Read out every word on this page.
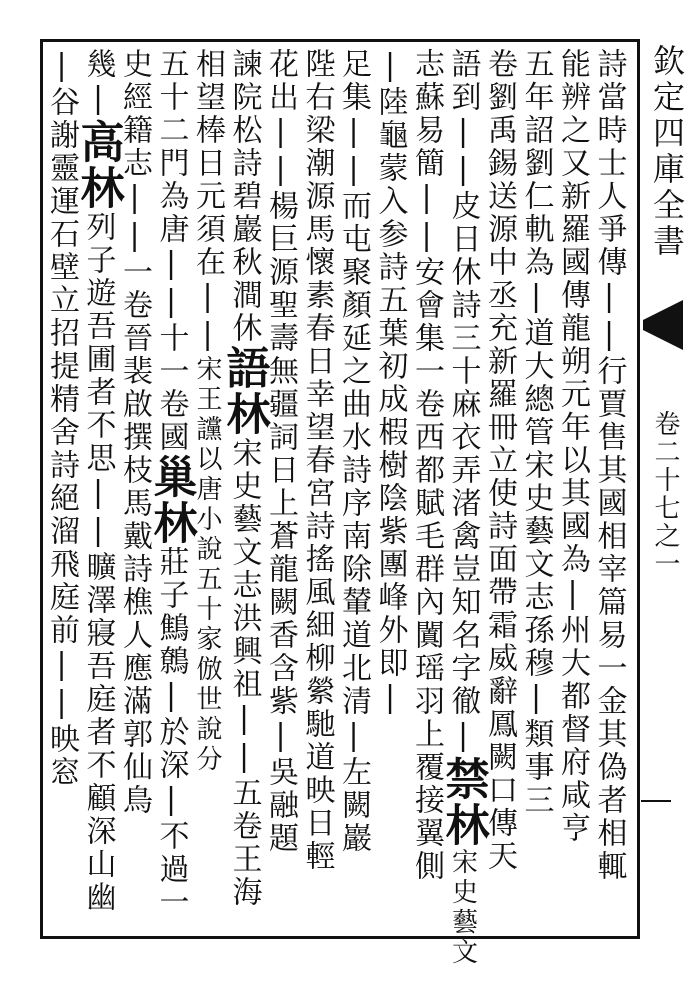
欽定四庫全書
卷二十七之一
詩當時士人爭傳||行賈售其國相宰篇易一金其偽者相輒
能辨之又新羅國傳龍朔元年以其國為|州大都督府咸亨
五年詔劉仁軌為|道大總管宋史藝文志孫穆|類事三
卷劉禹錫送源中丞充新羅冊立使詩面帶霜威辭鳳闕口傳天
語到||皮日休詩三十麻衣弄渚禽豈知名字徹|禁林宋史藝文
志蘇易簡||安會集一卷西都賦毛群內闐瑶羽上覆接翼側
|陸龜蒙入参詩五葉初成椵樹陰紫團峰外即|
足集||而屯聚顏延之曲水詩序南除輦道北清|左闕巖
陛右梁潮源馬懷素春日幸望春宮詩搖風細柳縈馳道映日輕
花出||楊巨源聖壽無疆詞日上蒼龍闕香含紫|吳融題
諫院松詩碧巖秋澗休語林宋史藝文志洪興祖||五卷王海
相望棒日元須在||宋王讜以唐小說五十家倣世說分
五十二門為唐||十一卷國巢林莊子鷦鷯|於深|不過一
史經籍志||一卷晉裴啟撰枝馬戴詩樵人應滿郭仙鳥
幾|高林列子遊吾圃者不思||曠澤寢吾庭者不顧深山幽
|谷謝靈運石壁立招提精舍詩絕溜飛庭前||映窓
